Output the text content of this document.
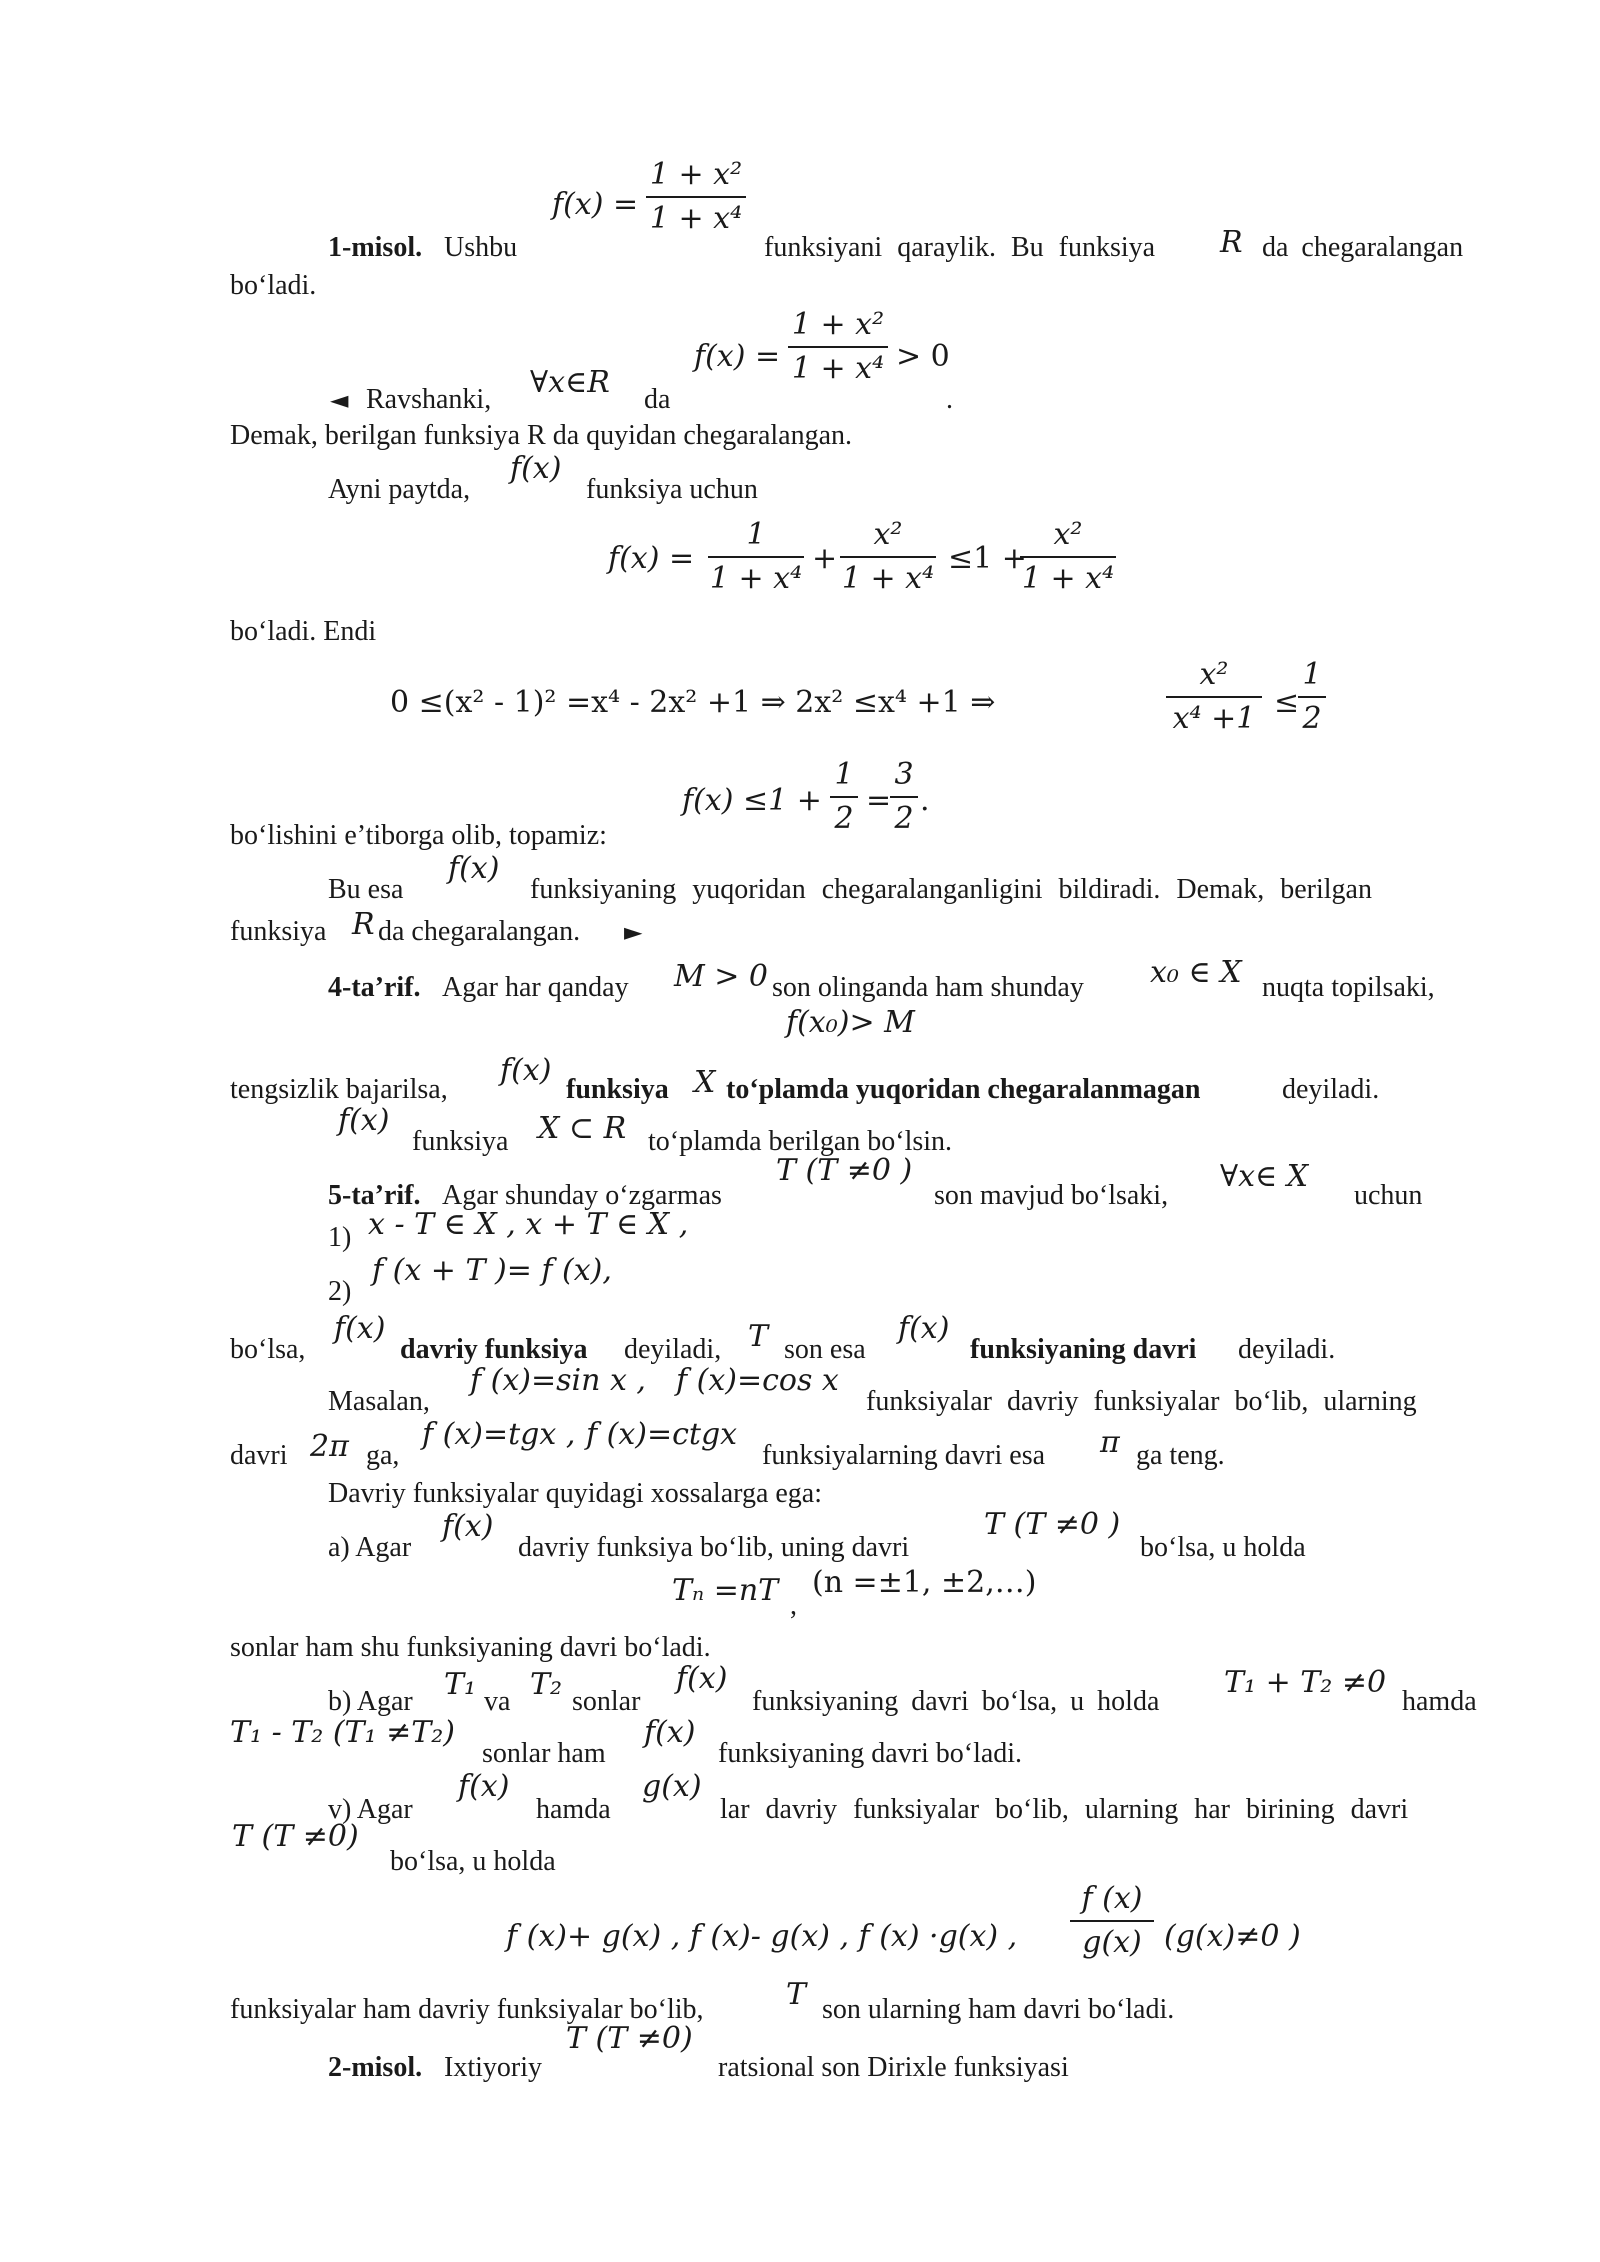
1-misol. Ushbu
$f(x) = \frac{\text{1 + x²}}{\text{1 + x⁴}}$
funksiyani qaraylik. Bu funksiya R da chegaralangan
bo‘ladi.
◄ Ravshanki, ∀x∈R da
$f(x) = \frac{\text{1 + x²}}{\text{1 + x⁴}} > 0$
.
Demak, berilgan funksiya R da quyidan chegaralangan.
Ayni paytda,
f(x)
funksiya uchun
$f(x) = \frac{1}{\text{1 + x⁴}} + \frac{\text{x²}}{\text{1 + x⁴}} \le 1$ +
$\frac{\text{x²}}{\text{1 + x⁴}}$
bo‘ladi. Endi
0 ≤(x² - 1)² =x⁴ - 2x² +1 ⇒ 2x² ≤x⁴ +1 ⇒	$\frac{\text{x²}}{\text{x⁴ +1}}$ ≤
$\frac{1}{2}$
$f(x) \le 1 + \frac{1}{2}$ =
$\frac{3}{2}$ .
bo‘lishini e’tiborga olib, topamiz:
Bu esa
f(x)
funksiyaning yuqoridan chegaralanganligini bildiradi. Demak, berilgan
funksiya R da chegaralangan. ►
4-ta’rif. Agar har qanday M > 0 son olinganda ham shunday x₀ ∈ X nuqta topilsaki,
f(x₀)> M
tengsizlik bajarilsa,
f(x)
funksiya X to‘plamda yuqoridan chegaralanmagan	deyiladi.
f(x)
funksiya X ⊂ R to‘plamda berilgan bo‘lsin.
5-ta’rif. Agar shunday o‘zgarmas
T (T ≠0 )
son mavjud bo‘lsaki,
∀x∈ X
uchun
1) x - T ∈ X , x + T ∈ X ,
2)
f (x + T )= f (x),
bo‘lsa,
f(x)
davriy funksiya deyiladi, T son esa
f(x)
funksiyaning davri deyiladi.
Masalan,
f (x)=sin x , f (x)=cos x
funksiyalar davriy funksiyalar bo‘lib, ularning
davri 2π ga,
f (x)=tgx , f (x)=ctgx
funksiyalarning davri esa π ga teng.
Davriy funksiyalar quyidagi xossalarga ega:
a) Agar
f(x)
davriy funksiya bo‘lib, uning davri
T (T ≠0 )
bo‘lsa, u holda
Tₙ =nT ,
(n =±1, ±2,…)
sonlar ham shu funksiyaning davri bo‘ladi.
b) Agar T₁ va T₂ sonlar
f(x)
funksiyaning davri bo‘lsa, u holda
T₁ + T₂ ≠0
hamda
T₁ - T₂ (T₁ ≠T₂)
sonlar ham
f(x)
funksiyaning davri bo‘ladi.
v) Agar
f(x)
hamda
g(x)
lar davriy funksiyalar bo‘lib, ularning har birining davri
T (T ≠0)
bo‘lsa, u holda
f (x)+ g(x) , f (x)- g(x) , f (x) ·g(x) , $\frac{f (x)}{g(x)} (g(x)\ne 0$ )
funksiyalar ham davriy funksiyalar bo‘lib,	T son ularning ham davri bo‘ladi.
2-misol. Ixtiyoriy
T (T ≠0)
ratsional son Dirixle funksiyasi
